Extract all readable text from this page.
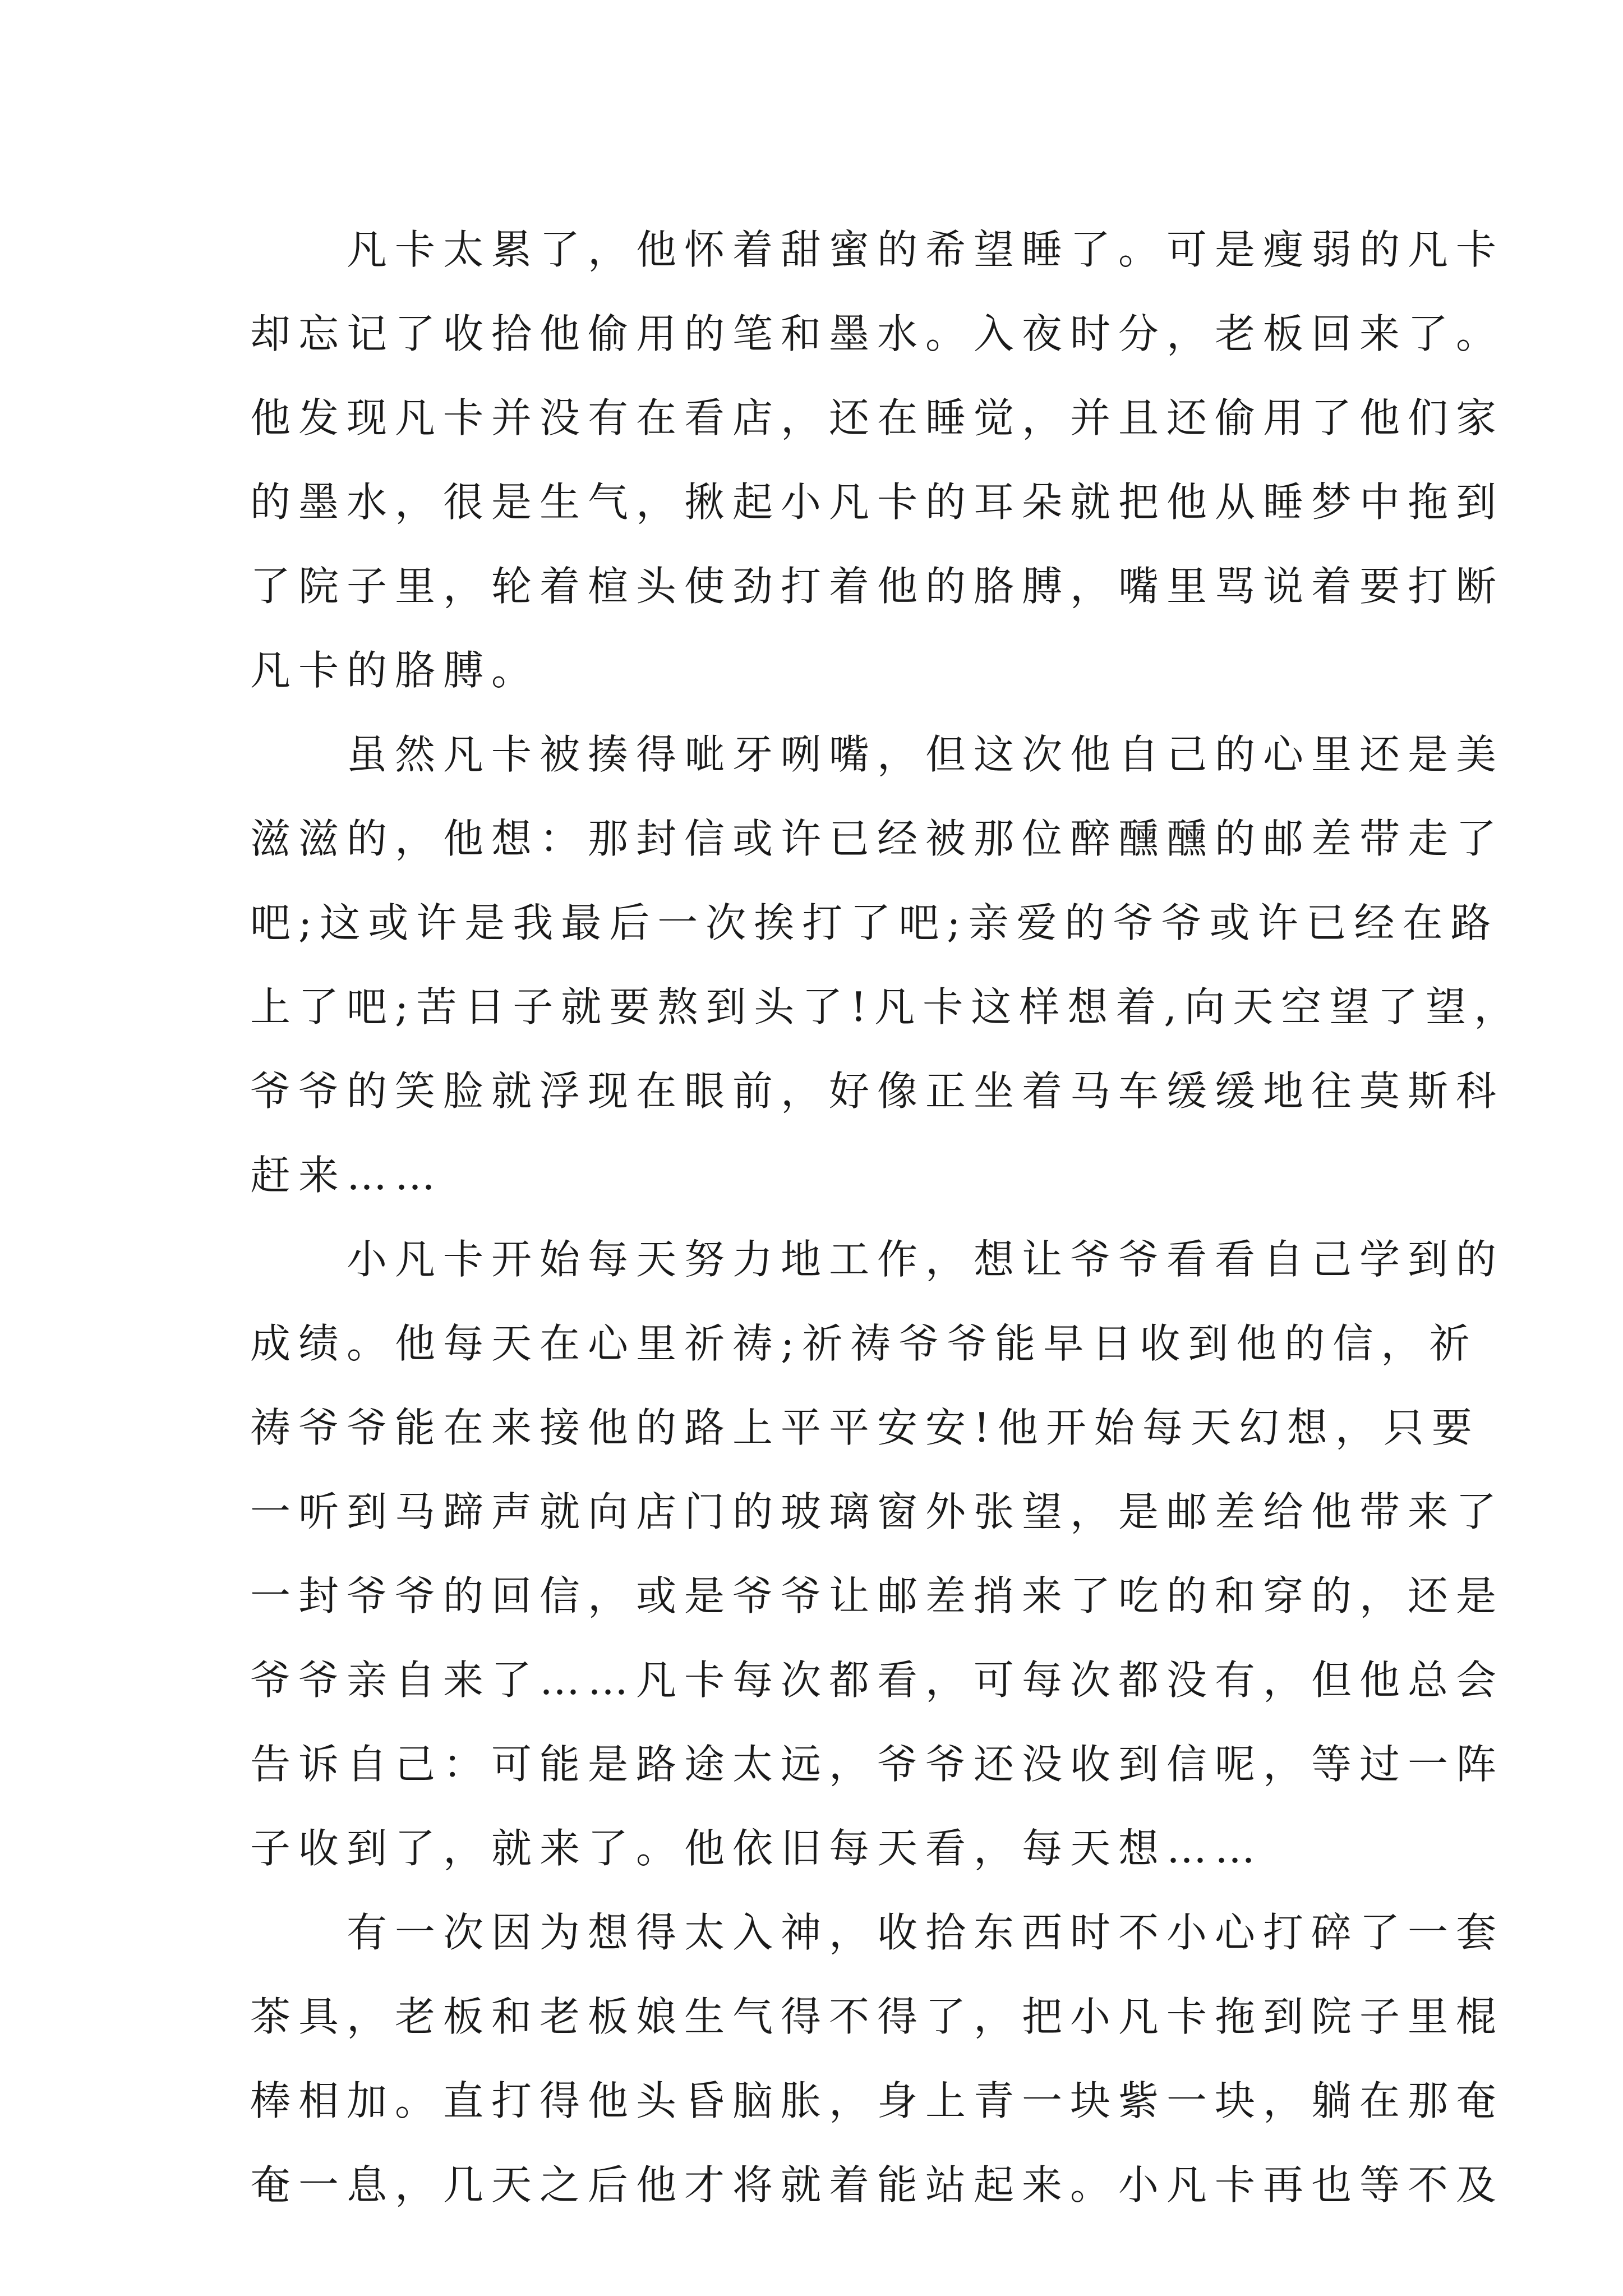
凡卡太累了，他怀着甜蜜的希望睡了。可是瘦弱的凡卡
却忘记了收拾他偷用的笔和墨水。入夜时分，老板回来了。
他发现凡卡并没有在看店，还在睡觉，并且还偷用了他们家
的墨水，很是生气，揪起小凡卡的耳朵就把他从睡梦中拖到
了院子里，轮着楦头使劲打着他的胳膊，嘴里骂说着要打断
凡卡的胳膊。
虽然凡卡被揍得呲牙咧嘴，但这次他自己的心里还是美
滋滋的，他想：那封信或许已经被那位醉醺醺的邮差带走了
吧;这或许是我最后一次挨打了吧;亲爱的爷爷或许已经在路
上了吧;苦日子就要熬到头了!凡卡这样想着,向天空望了望，
爷爷的笑脸就浮现在眼前，好像正坐着马车缓缓地往莫斯科
赶来……
小凡卡开始每天努力地工作，想让爷爷看看自己学到的
成绩。他每天在心里祈祷;祈祷爷爷能早日收到他的信，祈
祷爷爷能在来接他的路上平平安安!他开始每天幻想，只要
一听到马蹄声就向店门的玻璃窗外张望，是邮差给他带来了
一封爷爷的回信，或是爷爷让邮差捎来了吃的和穿的，还是
爷爷亲自来了……凡卡每次都看，可每次都没有，但他总会
告诉自己：可能是路途太远，爷爷还没收到信呢，等过一阵
子收到了，就来了。他依旧每天看，每天想……
有一次因为想得太入神，收拾东西时不小心打碎了一套
茶具，老板和老板娘生气得不得了，把小凡卡拖到院子里棍
棒相加。直打得他头昏脑胀，身上青一块紫一块，躺在那奄
奄一息，几天之后他才将就着能站起来。小凡卡再也等不及
